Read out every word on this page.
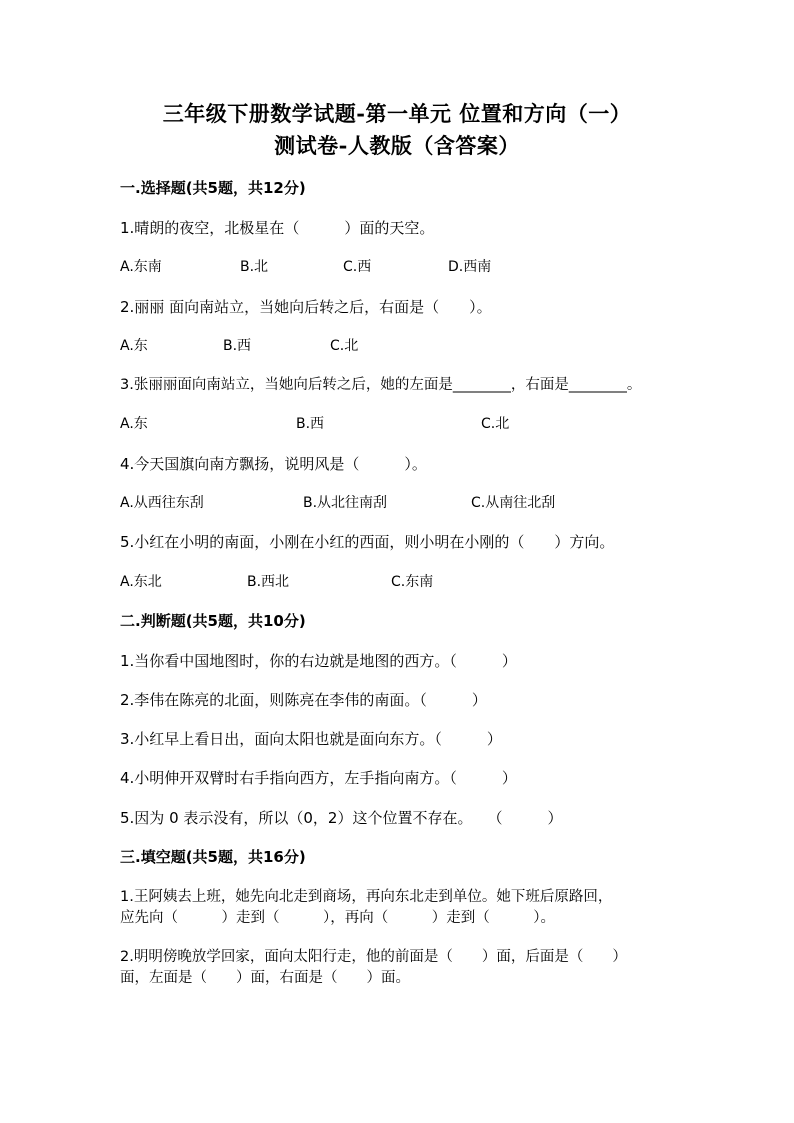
三年级下册数学试题-第一单元 位置和方向（一）
测试卷-人教版（含答案）
一.选择题(共5题，共12分)
1.晴朗的夜空，北极星在（　　　）面的天空。
A.东南	B.北	C.西	D.西南
2.丽丽 面向南站立，当她向后转之后，右面是（　　）。
A.东	B.西	C.北
3.张丽丽面向南站立，当她向后转之后，她的左面是________，右面是________。
A.东	B.西	C.北
4.今天国旗向南方飘扬，说明风是（　　　）。
A.从西往东刮	B.从北往南刮	C.从南往北刮
5.小红在小明的南面，小刚在小红的西面，则小明在小刚的（　　）方向。
A.东北	B.西北	C.东南
二.判断题(共5题，共10分)
1.当你看中国地图时，你的右边就是地图的西方。（　　　）
2.李伟在陈亮的北面，则陈亮在李伟的南面。（　　　）
3.小红早上看日出，面向太阳也就是面向东方。（　　　）
4.小明伸开双臂时右手指向西方，左手指向南方。（　　　）
5.因为 0 表示没有，所以（0，2）这个位置不存在。　　（　　　）
三.填空题(共5题，共16分)
1.王阿姨去上班，她先向北走到商场，再向东北走到单位。她下班后原路回，
应先向（　　　）走到（　　　），再向（　　　）走到（　　　）。
2.明明傍晚放学回家，面向太阳行走，他的前面是（　　）面，后面是（　　）
面，左面是（　　）面，右面是（　　）面。
